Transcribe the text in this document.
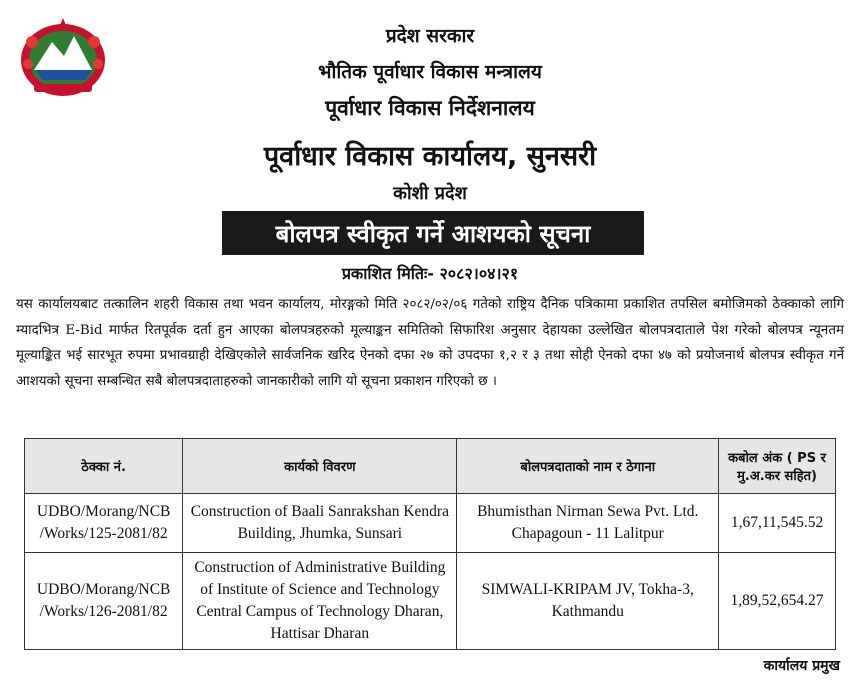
प्रदेश सरकार
भौतिक पूर्वाधार विकास मन्त्रालय
पूर्वाधार विकास निर्देशनालय
पूर्वाधार विकास कार्यालय, सुनसरी
कोशी प्रदेश
बोलपत्र स्वीकृत गर्ने आशयको सूचना
प्रकाशित मितिः- २०८२।०४।२१
यस कार्यालयबाट तत्कालिन शहरी विकास तथा भवन कार्यालय, मोरङ्गको मिति २०८२/०२/०६ गतेको राष्ट्रिय दैनिक पत्रिकामा प्रकाशित तपसिल बमोजिमको ठेक्काको लागि म्यादभित्र E-Bid मार्फत रितपूर्वक दर्ता हुन आएका बोलपत्रहरुको मूल्याङ्कन समितिको सिफारिश अनुसार देहायका उल्लेखित बोलपत्रदाताले पेश गरेको बोलपत्र न्यूनतम मूल्याङ्कित भई सारभूत रुपमा प्रभावग्राही देखिएकोले सार्वजनिक खरिद ऐनको दफा २७ को उपदफा १,२ र ३ तथा सोही ऐनको दफा ४७ को प्रयोजनार्थ बोलपत्र स्वीकृत गर्ने आशयको सूचना सम्बन्धित सबै बोलपत्रदाताहरुको जानकारीको लागि यो सूचना प्रकाशन गरिएको छ ।
ठेक्का नं.	कार्यको विवरण	बोलपत्रदाताको नाम र ठेगाना	कबोल अंक ( PS र मु.अ.कर सहित)
UDBO/Morang/NCB /Works/125-2081/82	Construction of Baali Sanrakshan Kendra Building, Jhumka, Sunsari	Bhumisthan Nirman Sewa Pvt. Ltd. Chapagoun - 11 Lalitpur	1,67,11,545.52
UDBO/Morang/NCB /Works/126-2081/82	Construction of Administrative Building of Institute of Science and Technology Central Campus of Technology Dharan, Hattisar Dharan	SIMWALI-KRIPAM JV, Tokha-3, Kathmandu	1,89,52,654.27
कार्यालय प्रमुख
